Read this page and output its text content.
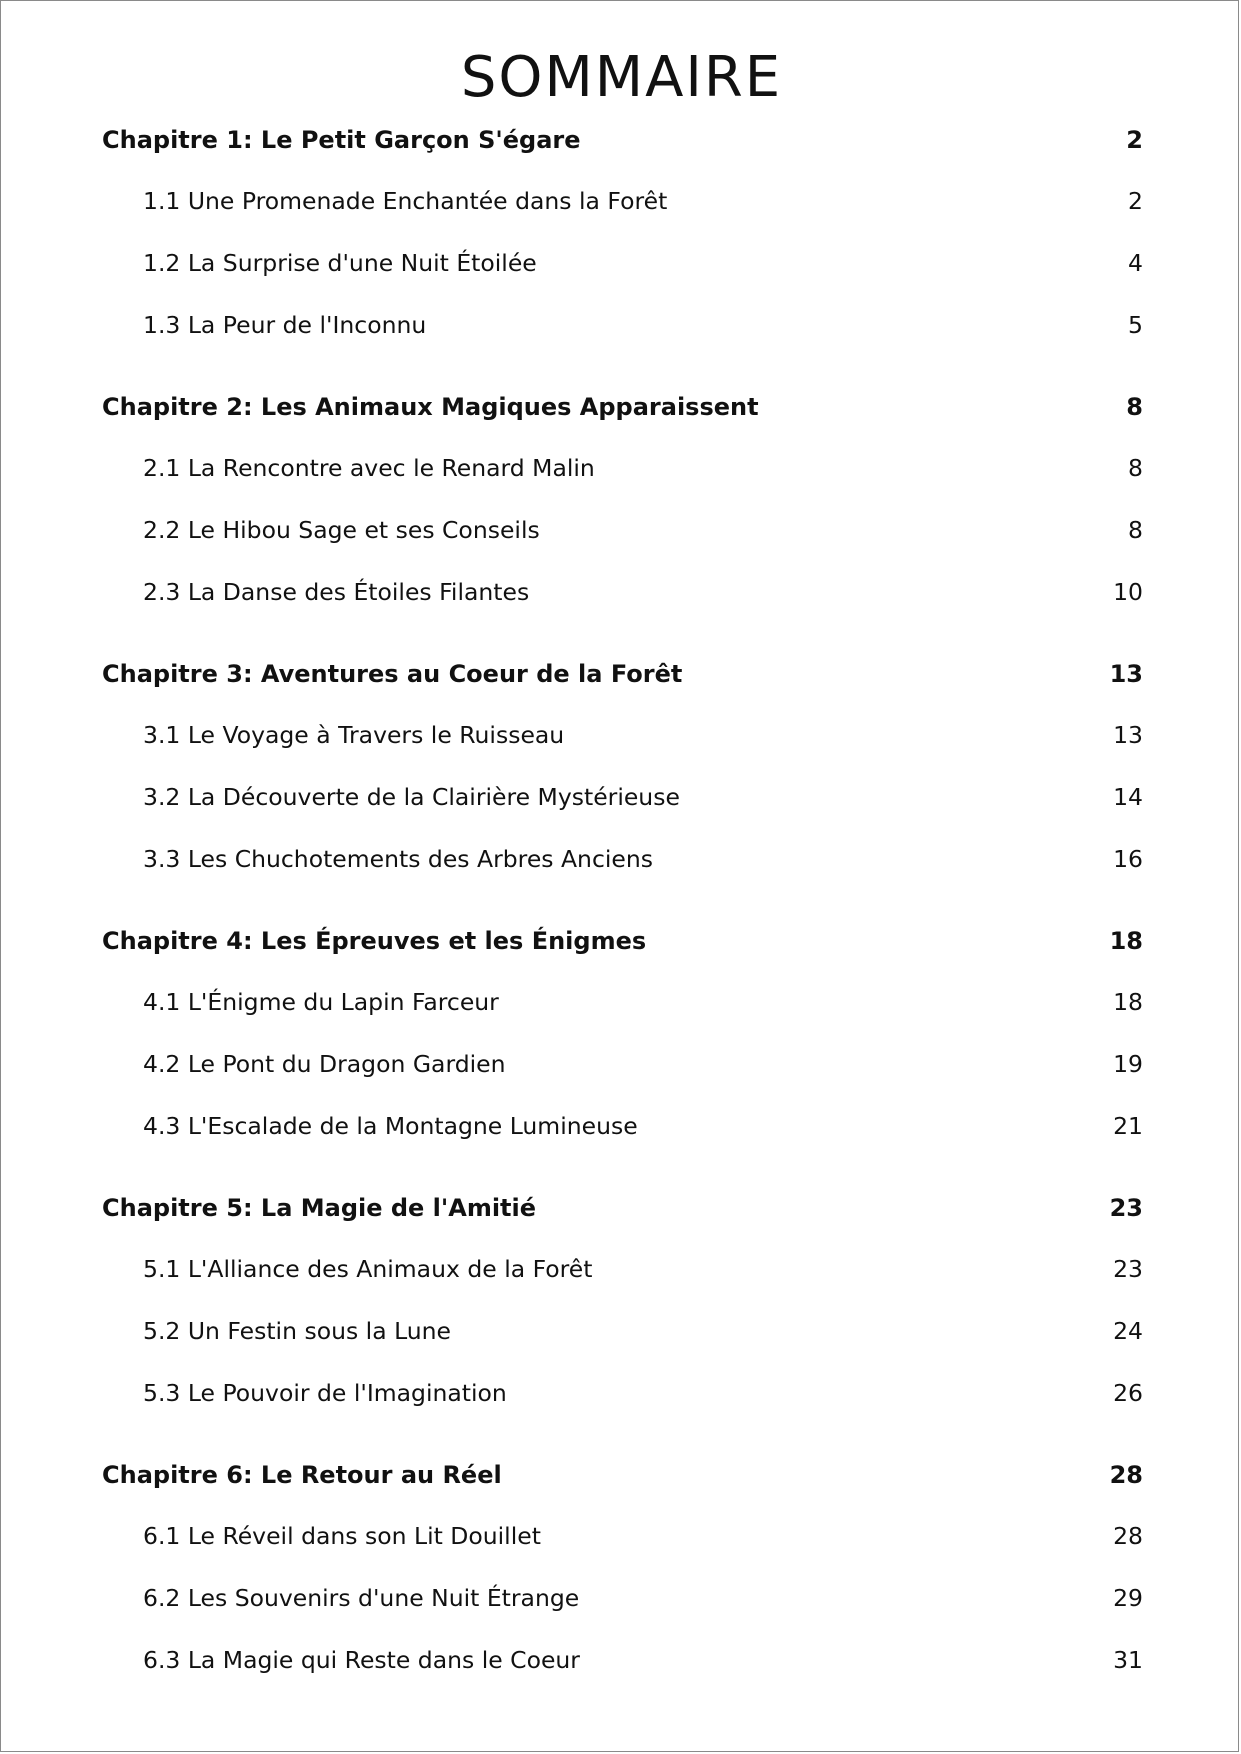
SOMMAIRE
Chapitre 1: Le Petit Garçon S'égare	2
1.1 Une Promenade Enchantée dans la Forêt	2
1.2 La Surprise d'une Nuit Étoilée	4
1.3 La Peur de l'Inconnu	5
Chapitre 2: Les Animaux Magiques Apparaissent	8
2.1 La Rencontre avec le Renard Malin	8
2.2 Le Hibou Sage et ses Conseils	8
2.3 La Danse des Étoiles Filantes	10
Chapitre 3: Aventures au Coeur de la Forêt	13
3.1 Le Voyage à Travers le Ruisseau	13
3.2 La Découverte de la Clairière Mystérieuse	14
3.3 Les Chuchotements des Arbres Anciens	16
Chapitre 4: Les Épreuves et les Énigmes	18
4.1 L'Énigme du Lapin Farceur	18
4.2 Le Pont du Dragon Gardien	19
4.3 L'Escalade de la Montagne Lumineuse	21
Chapitre 5: La Magie de l'Amitié	23
5.1 L'Alliance des Animaux de la Forêt	23
5.2 Un Festin sous la Lune	24
5.3 Le Pouvoir de l'Imagination	26
Chapitre 6: Le Retour au Réel	28
6.1 Le Réveil dans son Lit Douillet	28
6.2 Les Souvenirs d'une Nuit Étrange	29
6.3 La Magie qui Reste dans le Coeur	31
